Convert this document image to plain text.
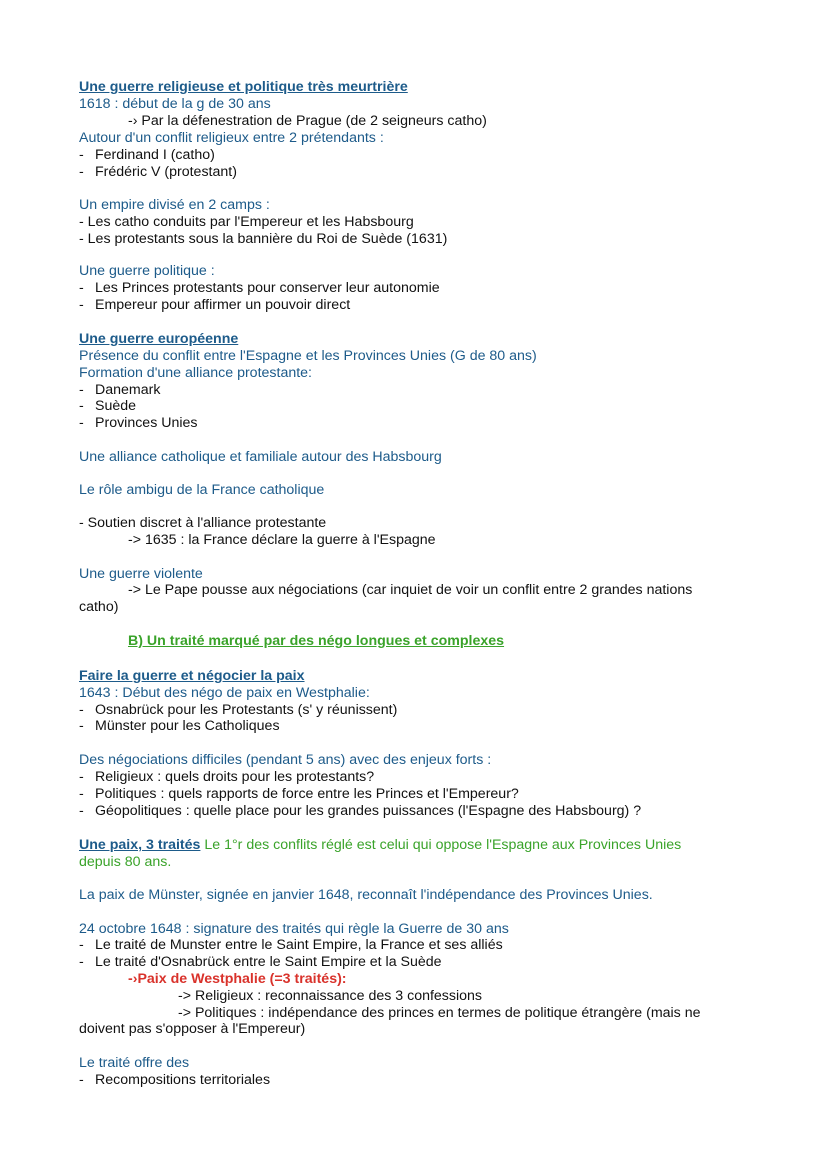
Une guerre religieuse et politique très meurtrière
1618 : début de la g de 30 ans
-› Par la défenestration de Prague (de 2 seigneurs catho)
Autour d'un conflit religieux entre 2 prétendants :
- Ferdinand I (catho)
- Frédéric V (protestant)
Un empire divisé en 2 camps :
- Les catho conduits par l'Empereur et les Habsbourg
- Les protestants sous la bannière du Roi de Suède (1631)
Une guerre politique :
- Les Princes protestants pour conserver leur autonomie
- Empereur pour affirmer un pouvoir direct
Une guerre européenne
Présence du conflit entre l'Espagne et les Provinces Unies (G de 80 ans)
Formation d'une alliance protestante:
- Danemark
- Suède
- Provinces Unies
Une alliance catholique et familiale autour des Habsbourg
Le rôle ambigu de la France catholique
- Soutien discret à l'alliance protestante
-> 1635 : la France déclare la guerre à l'Espagne
Une guerre violente
-> Le Pape pousse aux négociations (car inquiet de voir un conflit entre 2 grandes nations
catho)
B) Un traité marqué par des négo longues et complexes
Faire la guerre et négocier la paix
1643 : Début des négo de paix en Westphalie:
- Osnabrück pour les Protestants (s' y réunissent)
- Münster pour les Catholiques
Des négociations difficiles (pendant 5 ans) avec des enjeux forts :
- Religieux : quels droits pour les protestants?
- Politiques : quels rapports de force entre les Princes et l'Empereur?
- Géopolitiques : quelle place pour les grandes puissances (l'Espagne des Habsbourg) ?
Une paix, 3 traités Le 1°r des conflits réglé est celui qui oppose l'Espagne aux Provinces Unies
depuis 80 ans.
La paix de Münster, signée en janvier 1648, reconnaît l'indépendance des Provinces Unies.
24 octobre 1648 : signature des traités qui règle la Guerre de 30 ans
- Le traité de Munster entre le Saint Empire, la France et ses alliés
- Le traité d'Osnabrück entre le Saint Empire et la Suède
-›Paix de Westphalie (=3 traités):
-> Religieux : reconnaissance des 3 confessions
-> Politiques : indépendance des princes en termes de politique étrangère (mais ne
doivent pas s'opposer à l'Empereur)
Le traité offre des
- Recompositions territoriales
